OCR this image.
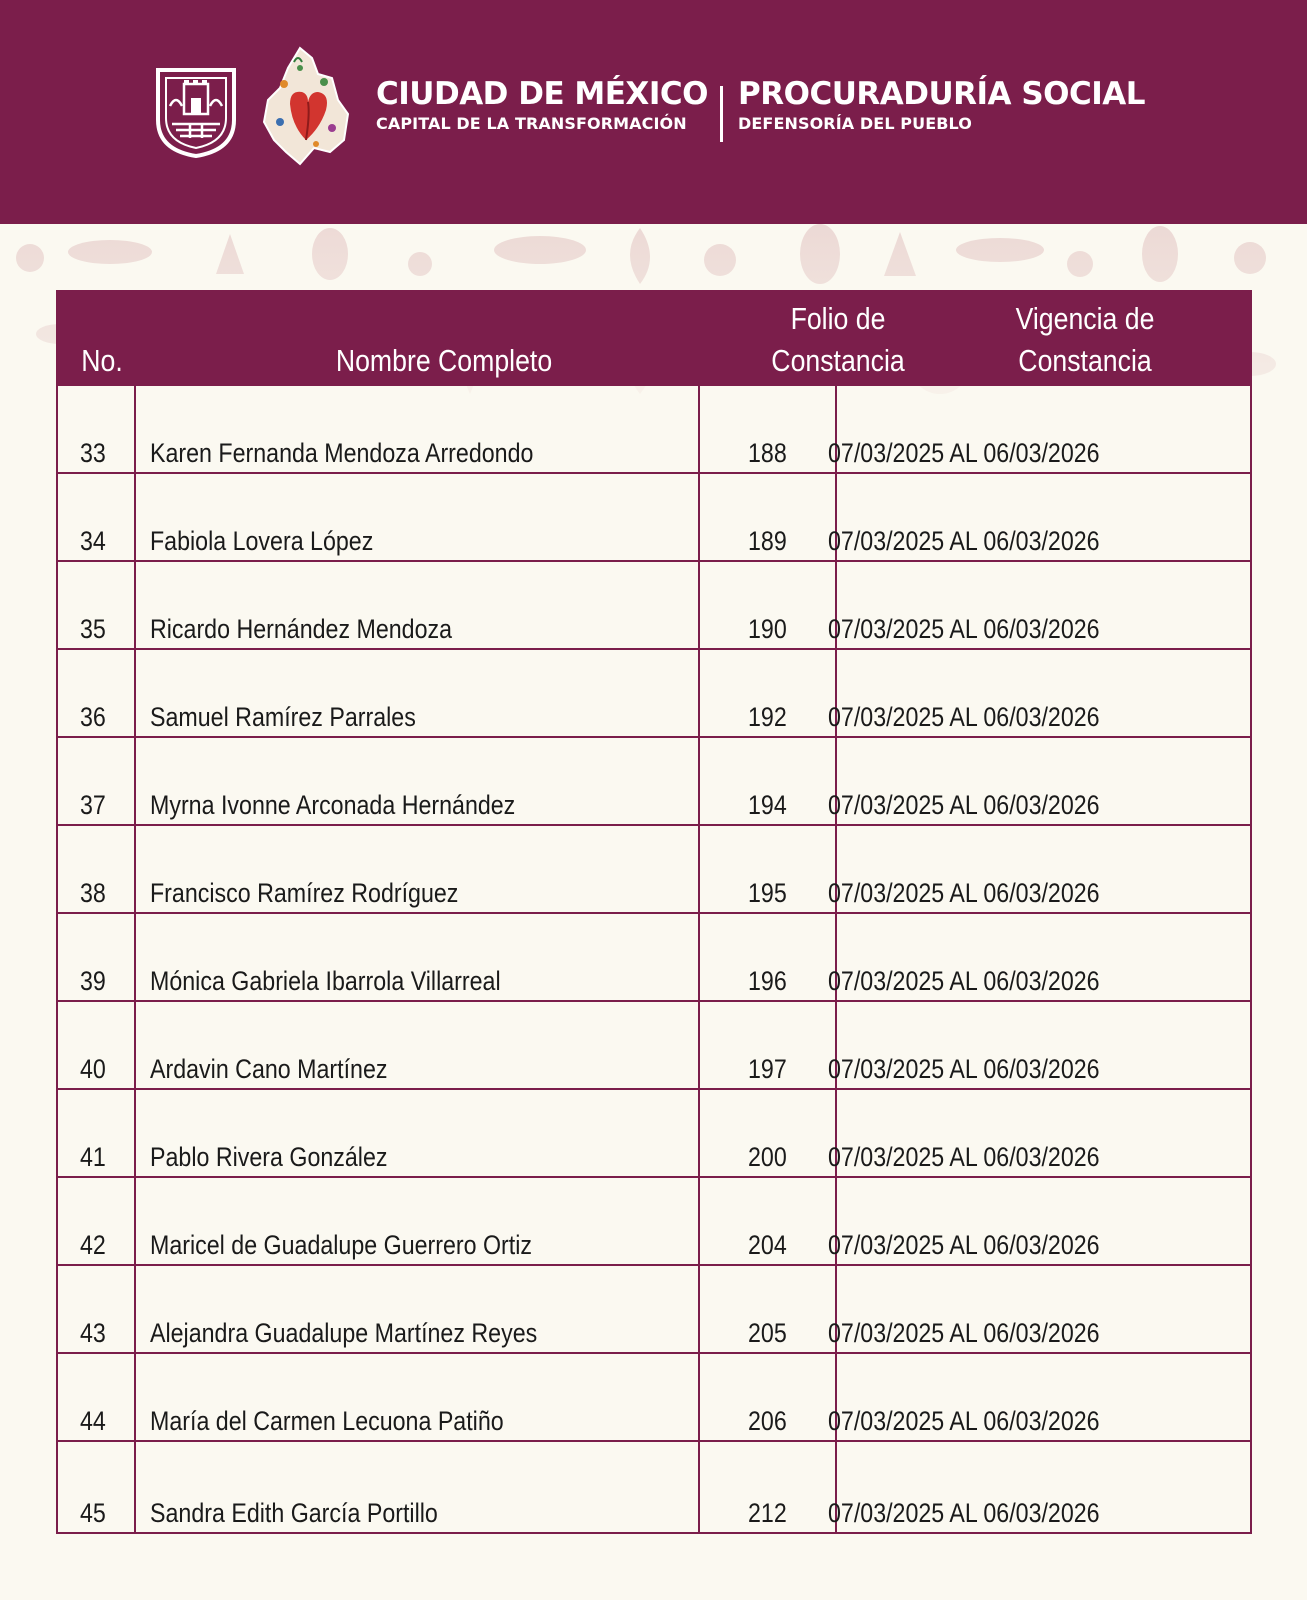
CIUDAD DE MÉXICO
CAPITAL DE LA TRANSFORMACIÓN
PROCURADURÍA SOCIAL
DEFENSORÍA DEL PUEBLO
No.	Nombre Completo
Folio de
Constancia
Vigencia de
Constancia
33 Karen Fernanda Mendoza Arredondo	188 07/03/2025 AL 06/03/2026
34 Fabiola Lovera López	189 07/03/2025 AL 06/03/2026
35 Ricardo Hernández Mendoza	190 07/03/2025 AL 06/03/2026
36 Samuel Ramírez Parrales	192 07/03/2025 AL 06/03/2026
37 Myrna Ivonne Arconada Hernández	194 07/03/2025 AL 06/03/2026
38 Francisco Ramírez Rodríguez	195 07/03/2025 AL 06/03/2026
39 Mónica Gabriela Ibarrola Villarreal	196 07/03/2025 AL 06/03/2026
40 Ardavin Cano Martínez	197 07/03/2025 AL 06/03/2026
41 Pablo Rivera González	200 07/03/2025 AL 06/03/2026
42 Maricel de Guadalupe Guerrero Ortiz	204 07/03/2025 AL 06/03/2026
43 Alejandra Guadalupe Martínez Reyes	205 07/03/2025 AL 06/03/2026
44 María del Carmen Lecuona Patiño	206 07/03/2025 AL 06/03/2026
45 Sandra Edith García Portillo	212 07/03/2025 AL 06/03/2026
